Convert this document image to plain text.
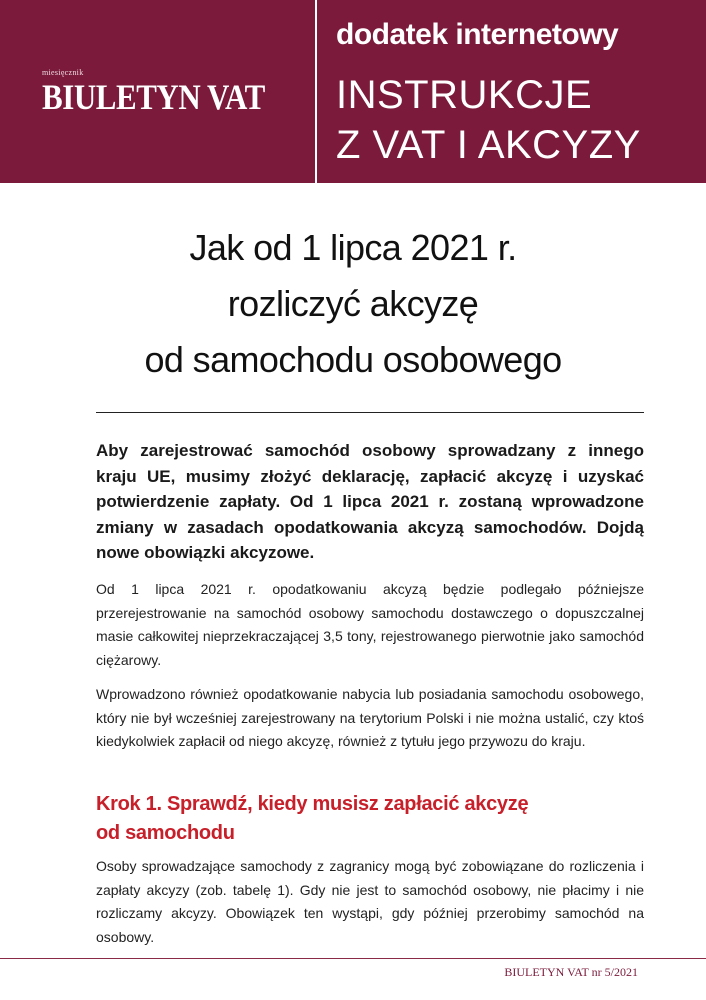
miesięcznik
BIULETYN VAT
dodatek internetowy
INSTRUKCJE
Z VAT I AKCYZY
Jak od 1 lipca 2021 r.
rozliczyć akcyzę
od samochodu osobowego

Aby zarejestrować samochód osobowy sprowadzany z innego kraju UE, musimy złożyć deklarację, zapłacić akcyzę i uzyskać potwierdzenie zapłaty. Od 1 lipca 2021 r. zostaną wprowadzone zmiany w zasadach opodatkowania akcyzą samochodów. Dojdą nowe obowiązki akcyzowe.

Od 1 lipca 2021 r. opodatkowaniu akcyzą będzie podlegało późniejsze przerejestrowanie na samochód osobowy samochodu dostawczego o dopuszczalnej masie całkowitej nieprzekraczającej 3,5 tony, rejestrowanego pierwotnie jako samochód ciężarowy.

Wprowadzono również opodatkowanie nabycia lub posiadania samochodu osobowego, który nie był wcześniej zarejestrowany na terytorium Polski i nie można ustalić, czy ktoś kiedykolwiek zapłacił od niego akcyzę, również z tytułu jego przywozu do kraju.

Krok 1. Sprawdź, kiedy musisz zapłacić akcyzę
od samochodu

Osoby sprowadzające samochody z zagranicy mogą być zobowiązane do rozliczenia i zapłaty akcyzy (zob. tabelę 1). Gdy nie jest to samochód osobowy, nie płacimy i nie rozliczamy akcyzy. Obowiązek ten wystąpi, gdy później przerobimy samochód na osobowy.

BIULETYN VAT nr 5/2021
